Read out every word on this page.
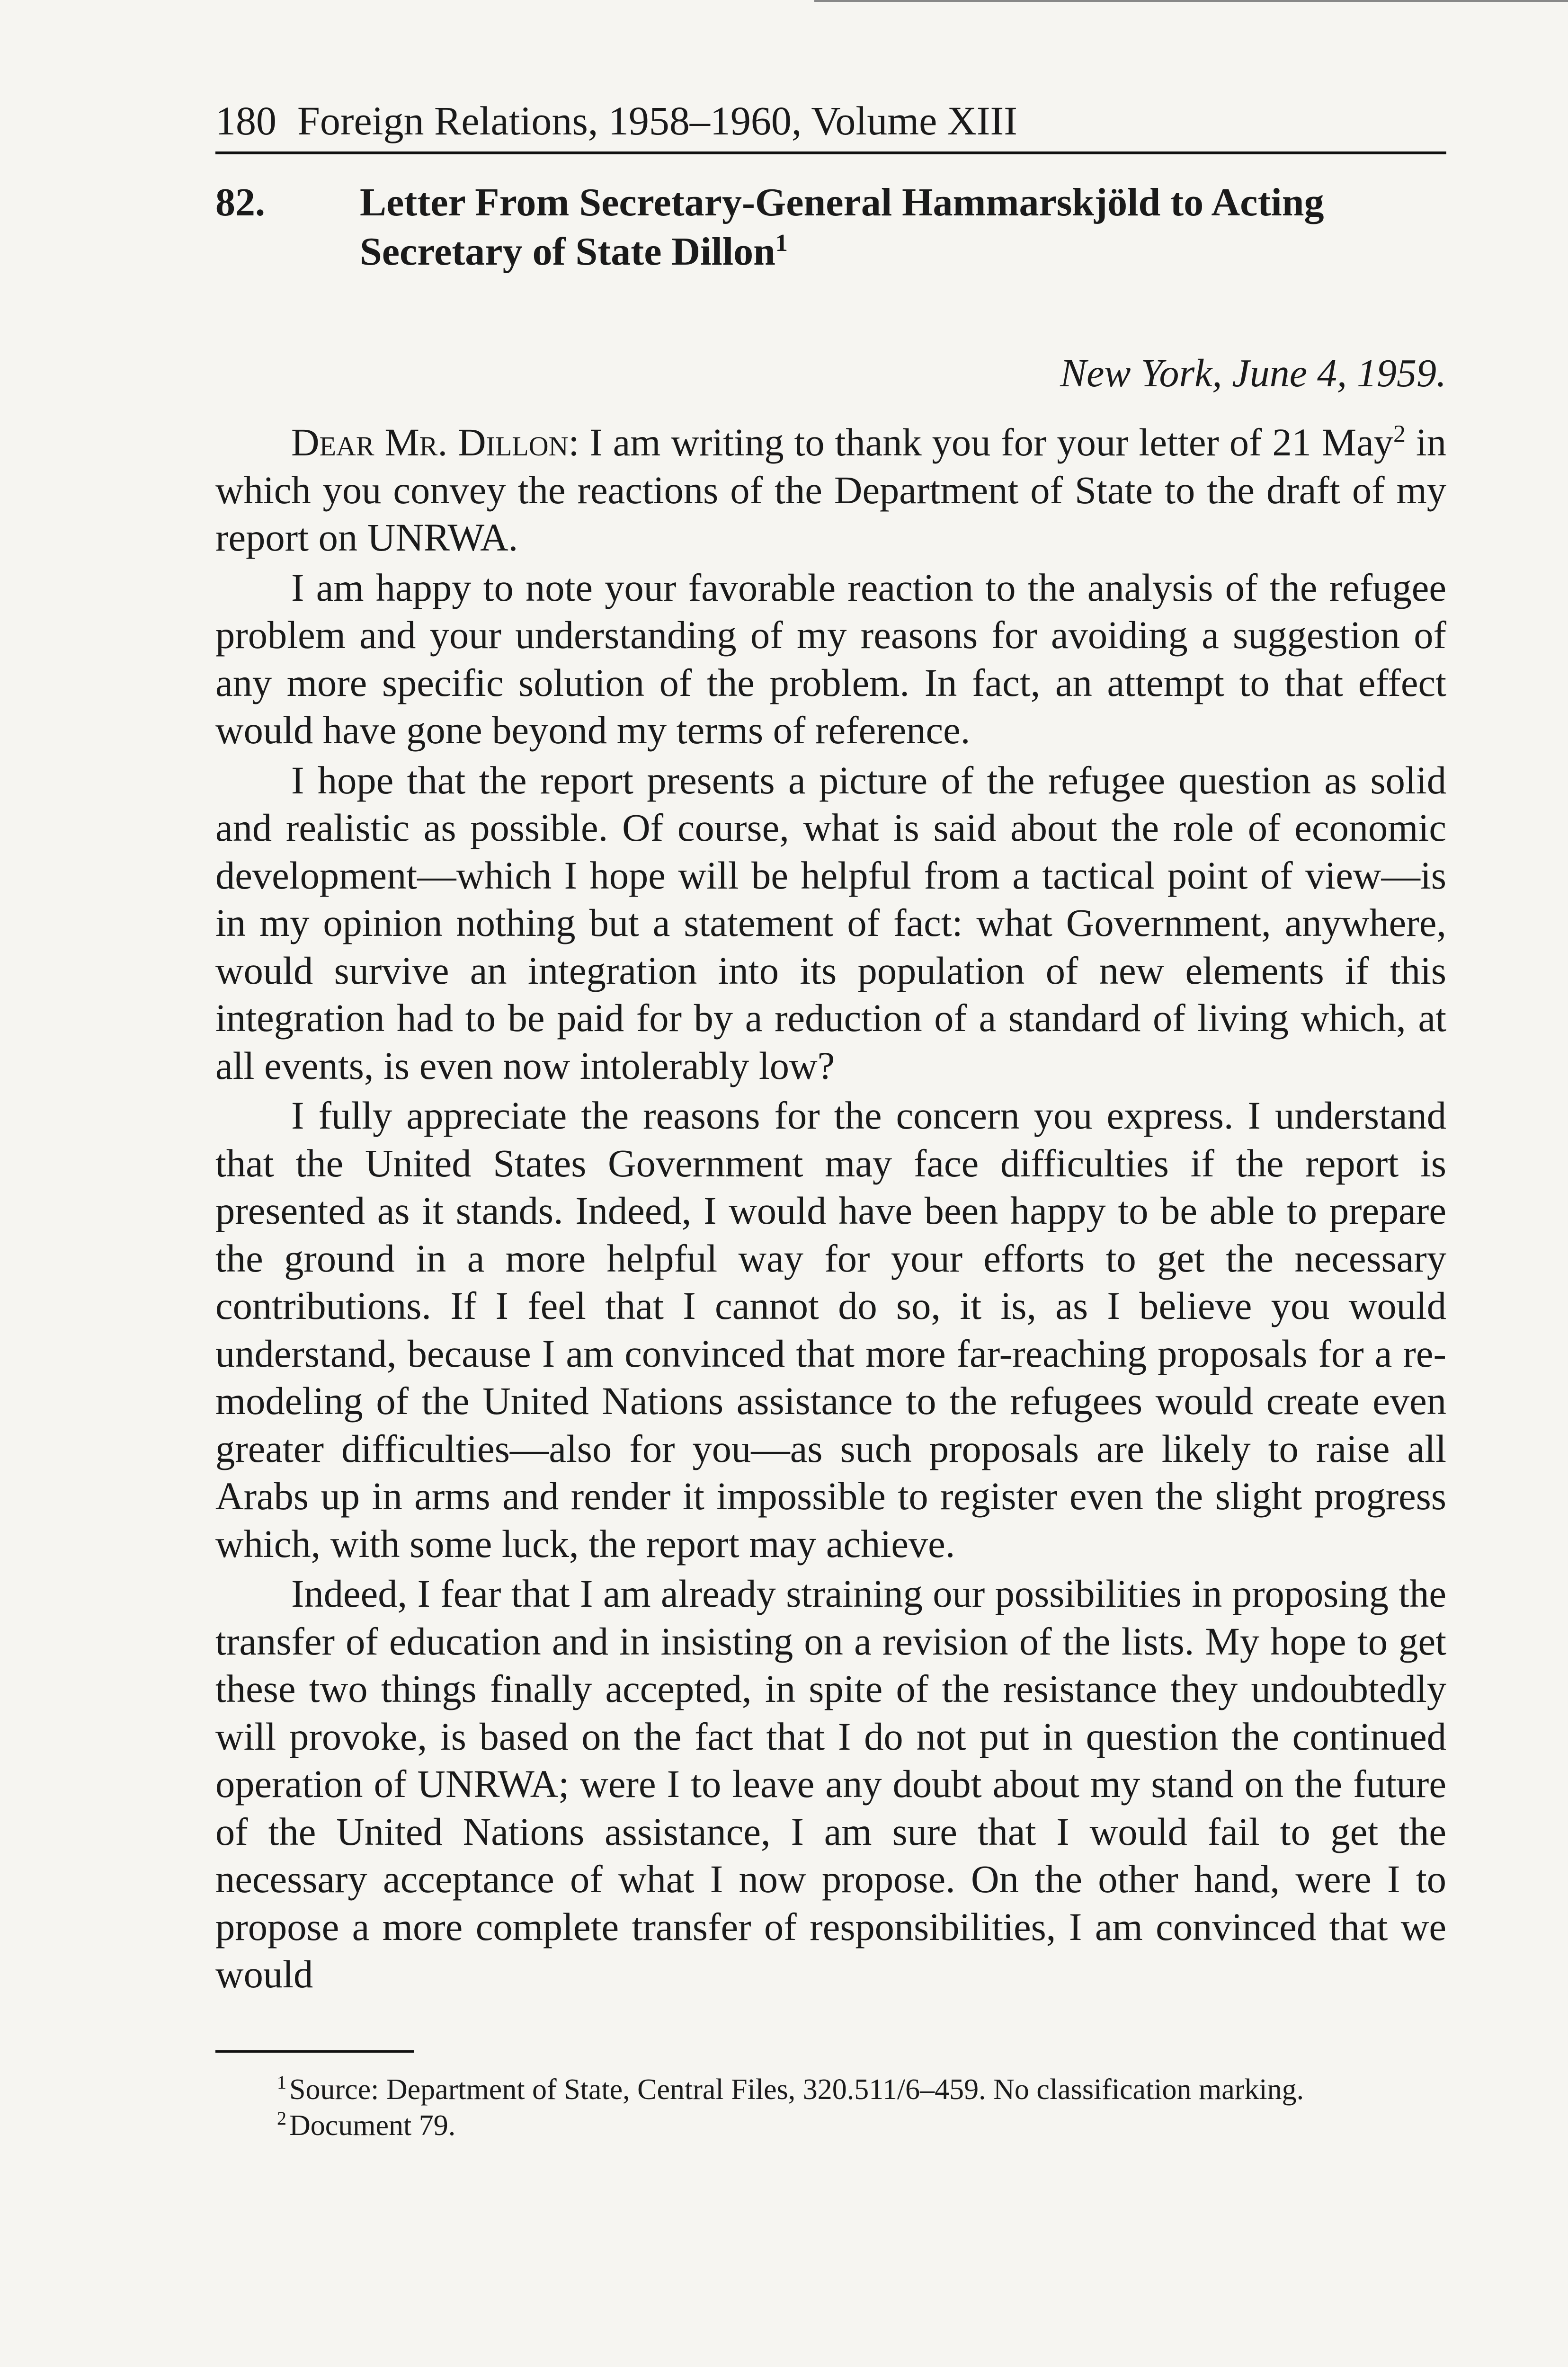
180 Foreign Relations, 1958–1960, Volume XIII
82.	Letter From Secretary-General Hammarskjöld to Acting Secretary of State Dillon$^1$
New York, June 4, 1959.

Dear Mr. Dillon: I am writing to thank you for your letter of 21 May$^2$ in which you convey the reactions of the Department of State to the draft of my report on UNRWA.

I am happy to note your favorable reaction to the analysis of the refugee problem and your understanding of my reasons for avoiding a suggestion of any more specific solution of the problem. In fact, an attempt to that effect would have gone beyond my terms of reference.

I hope that the report presents a picture of the refugee question as solid and realistic as possible. Of course, what is said about the role of economic development—which I hope will be helpful from a tactical point of view—is in my opinion nothing but a statement of fact: what Government, anywhere, would survive an integration into its population of new elements if this integration had to be paid for by a reduction of a standard of living which, at all events, is even now intolerably low?

I fully appreciate the reasons for the concern you express. I understand that the United States Government may face difficulties if the report is presented as it stands. Indeed, I would have been happy to be able to prepare the ground in a more helpful way for your efforts to get the necessary contributions. If I feel that I cannot do so, it is, as I believe you would understand, because I am convinced that more far-reaching proposals for a re-modeling of the United Nations assistance to the refugees would create even greater difficulties—also for you—as such proposals are likely to raise all Arabs up in arms and render it impossible to register even the slight progress which, with some luck, the report may achieve.

Indeed, I fear that I am already straining our possibilities in proposing the transfer of education and in insisting on a revision of the lists. My hope to get these two things finally accepted, in spite of the resistance they undoubtedly will provoke, is based on the fact that I do not put in question the continued operation of UNRWA; were I to leave any doubt about my stand on the future of the United Nations assistance, I am sure that I would fail to get the necessary acceptance of what I now propose. On the other hand, were I to propose a more complete transfer of responsibilities, I am convinced that we would

$^1$Source: Department of State, Central Files, 320.511/6–459. No classification marking.

$^2$Document 79.
